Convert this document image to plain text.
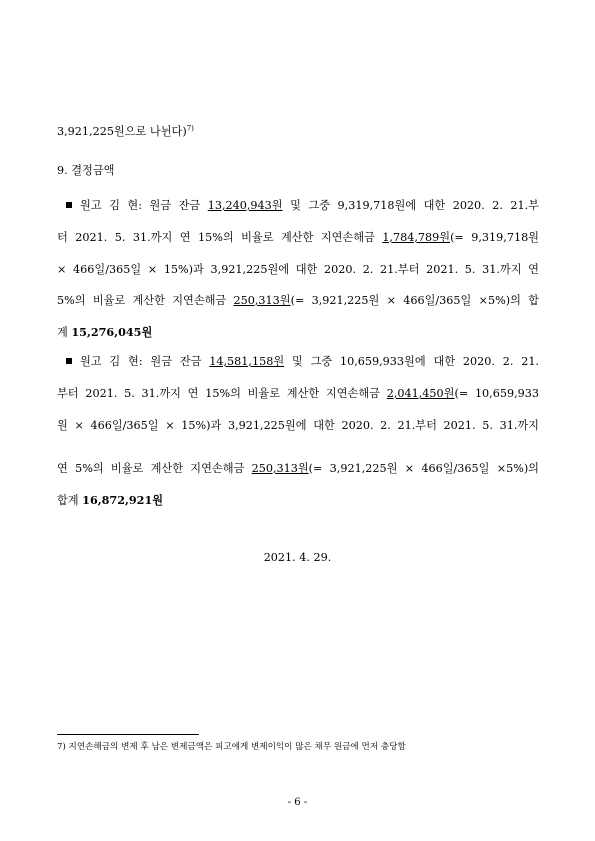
3,921,225원으로 나뉜다)$^{7)}$
9. 결정금액
원고 김 현: 원금 잔금 13,240,943원 및 그중 9,319,718원에 대한 2020. 2. 21.부
터 2021. 5. 31.까지 연 15%의 비율로 계산한 지연손해금 1,784,789원(= 9,319,718원
× 466일/365일 × 15%)과 3,921,225원에 대한 2020. 2. 21.부터 2021. 5. 31.까지 연
5%의 비율로 계산한 지연손해금 250,313원(= 3,921,225원 × 466일/365일 ×5%)의 합
계 15,276,045원
원고 김 현: 원금 잔금 14,581,158원 및 그중 10,659,933원에 대한 2020. 2. 21.
부터 2021. 5. 31.까지 연 15%의 비율로 계산한 지연손해금 2,041,450원(= 10,659,933
원 × 466일/365일 × 15%)과 3,921,225원에 대한 2020. 2. 21.부터 2021. 5. 31.까지
연 5%의 비율로 계산한 지연손해금 250,313원(= 3,921,225원 × 466일/365일 ×5%)의
합계 16,872,921원
2021. 4. 29.
7) 지연손해금의 변제 후 남은 변제금액은 피고에게 변제이익이 많은 채무 원금에 먼저 충당함
- 6 -
